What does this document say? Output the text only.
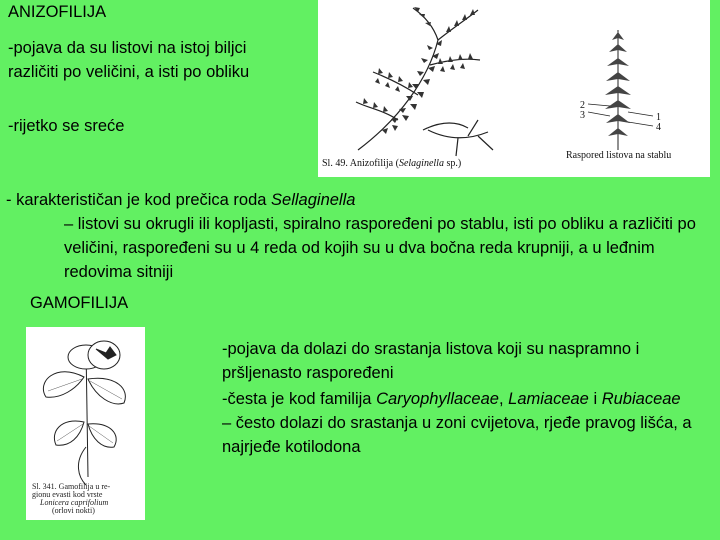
ANIZOFILIJA
-pojava da su listovi na istoj biljci različiti po veličini, a isti po obliku
-rijetko se sreće
- karakterističan je kod prečica roda Sellaginella
– listovi su okrugli ili kopljasti, spiralno raspoređeni po stablu, isti po obliku a različiti po veličini, raspoređeni su u 4 reda od kojih su u dva bočna reda krupniji, a u leđnim redovima sitniji
1
2
3
4
Sl. 49. Anizofilija (Selaginella sp.)
Raspored listova na stablu
GAMOFILIJA
Sl. 341. Gamofilija u re-
gionu evasti kod vrste
Lonicera caprifolium
(orlovi nokti)
-pojava da dolazi do srastanja listova koji su naspramno i pršljenasto raspoređeni
-česta je kod familija Caryophyllaceae, Lamiaceae i Rubiaceae – često dolazi do srastanja u zoni cvijetova, rjeđe pravog lišća, a najrjeđe kotilodona
